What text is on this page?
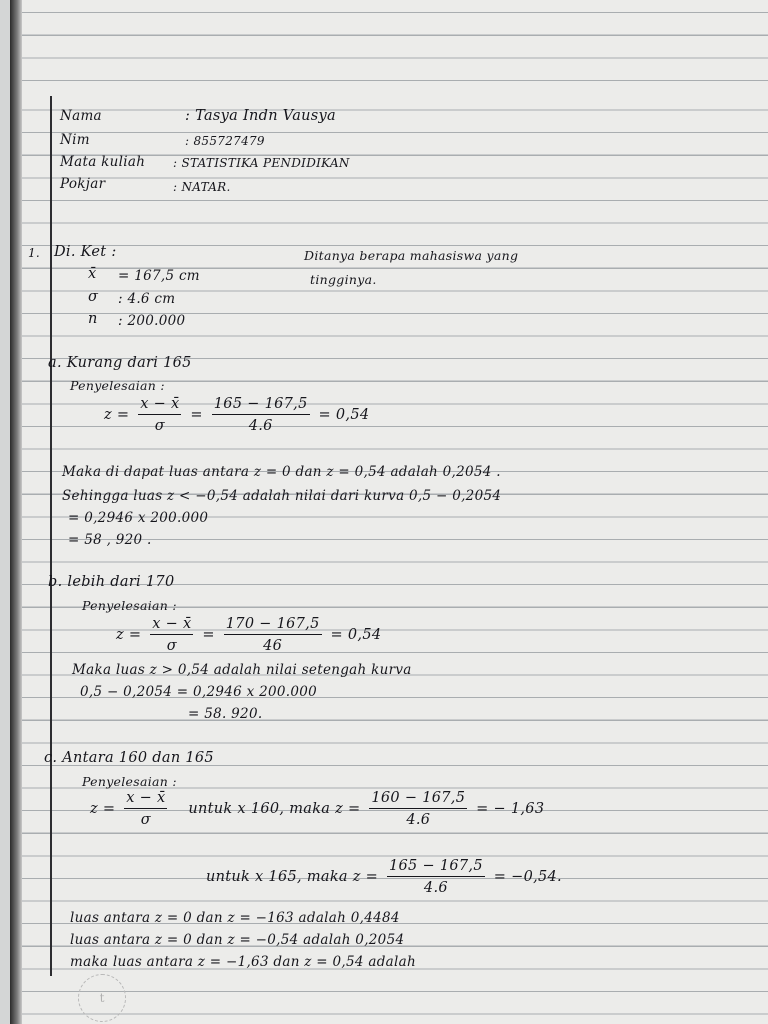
Nama	: Tasya Indn Vausya
Nim	: 855727479
Mata kuliah : STATISTIKA PENDIDIKAN
Pokjar	: NATAR.
1. Di. Ket :	Ditanya berapa mahasiswa yang
tingginya.
x̄ = 167,5 cm
σ : 4.6 cm
n : 200.000
a. Kurang dari 165
Penyelesaian :
$z = \frac{x - x̄}{\sigma} = \frac{165 - 167,5}{4.6} = 0,54$
Maka di dapat luas antara z = 0 dan z = 0,54 adalah 0,2054 .
Sehingga luas z < −0,54 adalah nilai dari kurva 0,5 − 0,2054
= 0,2946 x 200.000
= 58 , 920 .
b. lebih dari 170
Penyelesaian :
$z = \frac{x - x̄}{\sigma} = \frac{170 - 167,5}{46} = 0,54$
Maka luas z > 0,54 adalah nilai setengah kurva
0,5 − 0,2054 = 0,2946 x 200.000
= 58. 920.
c. Antara 160 dan 165
Penyelesaian :
$z = \frac{x - x̄}{\sigma}$ untuk x 160, maka $z = \frac{160 - 167,5}{4.6}$ = − 1,63
untuk x 165, maka $z = \frac{165 - 167,5}{4.6} = -0,54$.
luas antara z = 0 dan z = −163 adalah 0,4484
luas antara z = 0 dan z = −0,54 adalah 0,2054
maka luas antara z = −1,63 dan z = 0,54 adalah
t
